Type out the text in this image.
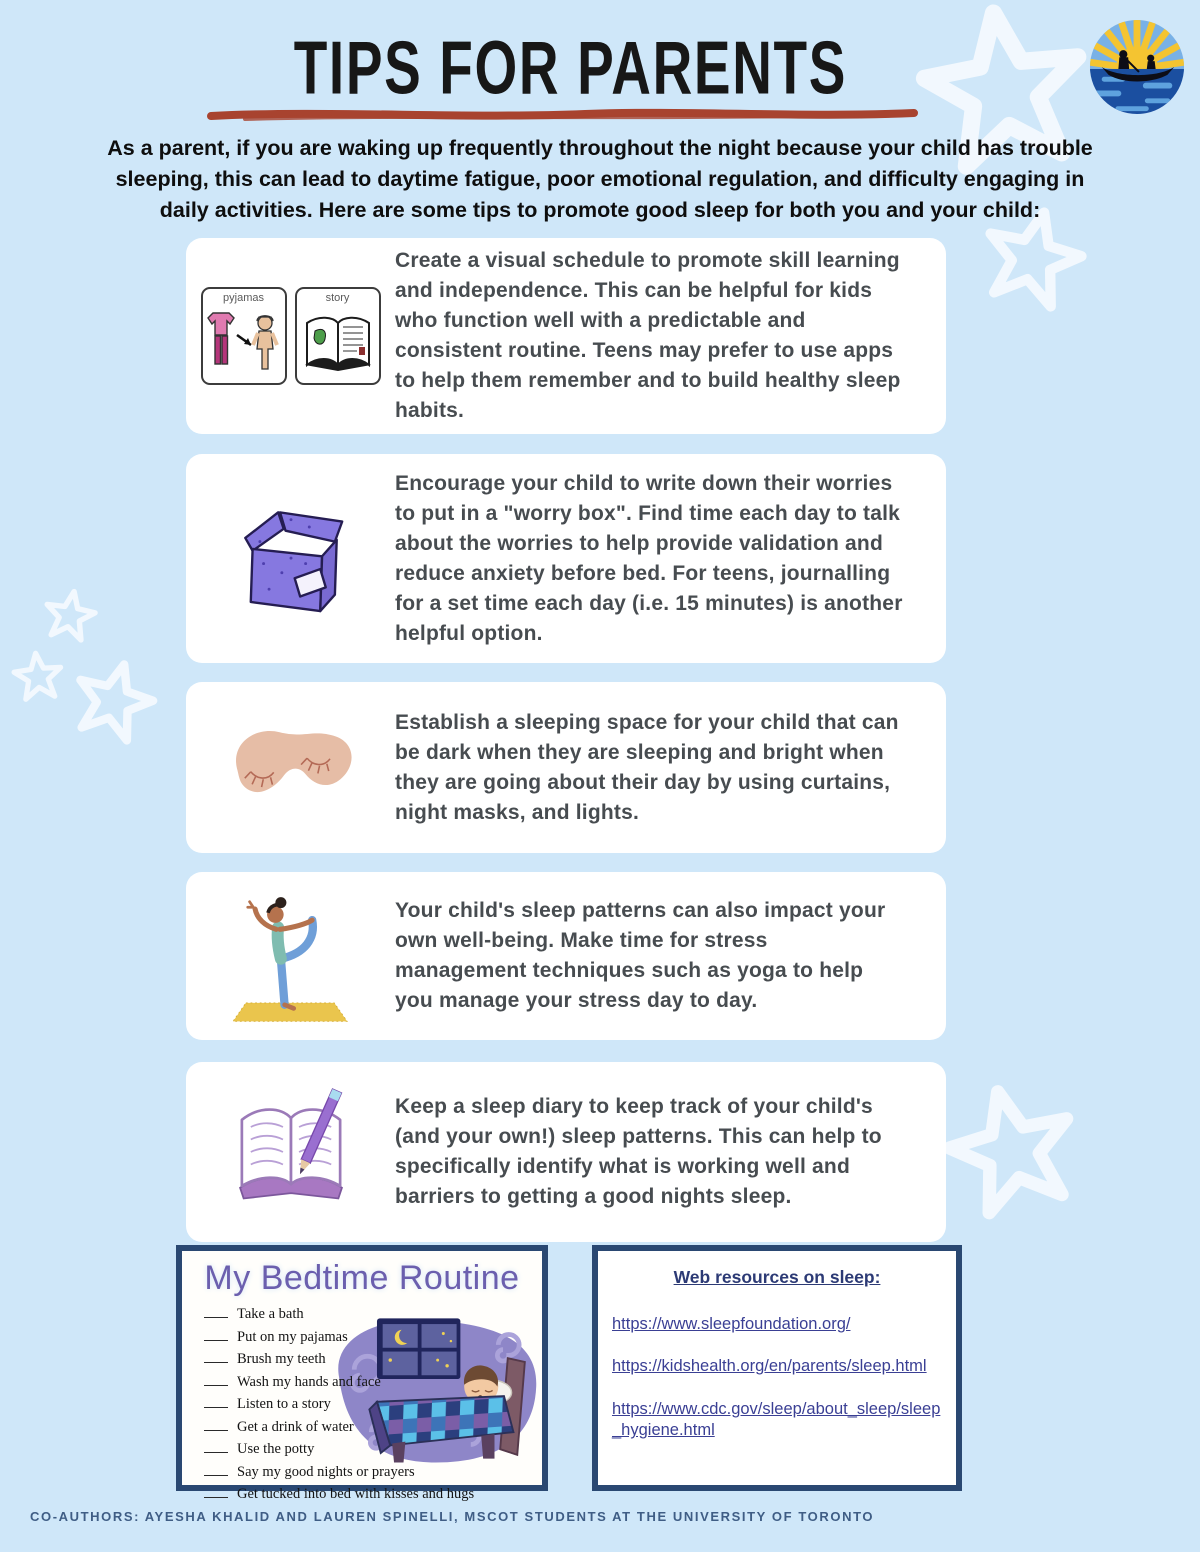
TIPS FOR PARENTS
As a parent, if you are waking up frequently throughout the night because your child has trouble sleeping, this can lead to daytime fatigue, poor emotional regulation, and difficulty engaging in daily activities. Here are some tips to promote good sleep for both you and your child:
pyjamas	story
Create a visual schedule to promote skill learning and independence. This can be helpful for kids who function well with a predictable and consistent routine. Teens may prefer to use apps to help them remember and to build healthy sleep habits.
Encourage your child to write down their worries to put in a "worry box". Find time each day to talk about the worries to help provide validation and reduce anxiety before bed. For teens, journalling for a set time each day (i.e. 15 minutes) is another helpful option.
Establish a sleeping space for your child that can be dark when they are sleeping and bright when they are going about their day by using curtains, night masks, and lights.
Your child's sleep patterns can also impact your own well-being. Make time for stress management techniques such as yoga to help you manage your stress day to day.
Keep a sleep diary to keep track of your child's (and your own!) sleep patterns. This can help to specifically identify what is working well and barriers to getting a good nights sleep.
My Bedtime Routine
Take a bath
Put on my pajamas
Brush my teeth
Wash my hands and face
Listen to a story
Get a drink of water
Use the potty
Say my good nights or prayers
Get tucked into bed with kisses and hugs
Web resources on sleep:
https://www.sleepfoundation.org/
https://kidshealth.org/en/parents/sleep.html
https://www.cdc.gov/sleep/about_sleep/sleep_hygiene.html
CO-AUTHORS: AYESHA KHALID AND LAUREN SPINELLI, MSCOT STUDENTS AT THE UNIVERSITY OF TORONTO
